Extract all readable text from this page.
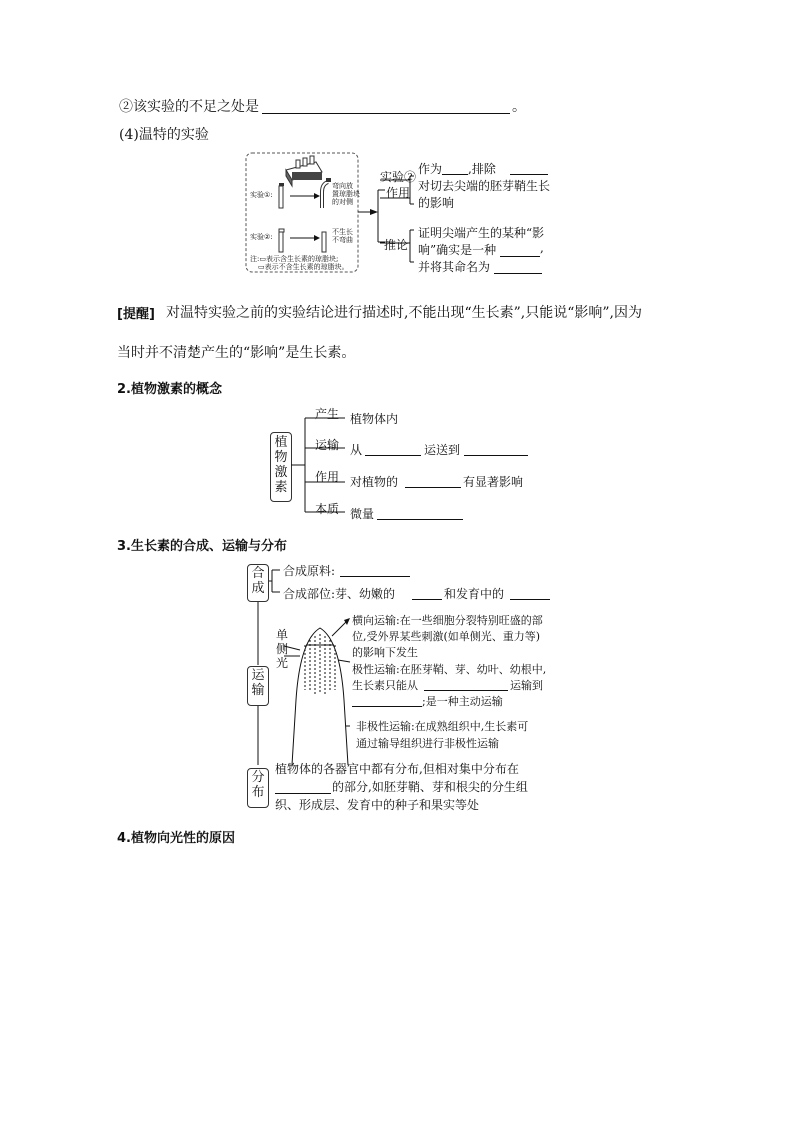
②该实验的不足之处是	。
(4)温特的实验
实验①:
实验②:
弯向放
置琼脂块
的对侧
不生长
不弯曲
注:▭表示含生长素的琼脂块;
▭表示不含生长素的琼脂块。
实验②
作用
作为 ,排除
对切去尖端的胚芽鞘生长
的影响
推论
证明尖端产生的某种“影
响”确实是一种	,
并将其命名为
[提醒] 对温特实验之前的实验结论进行描述时,不能出现“生长素”,只能说“影响”,因为
当时并不清楚产生的“影响”是生长素。
2.植物激素的概念
植物激素
产生 植物体内
运输 从	运送到
作用 对植物的	有显著影响
本质 微量
3.生长素的合成、运输与分布
合成
运输
分布
合成原料:
合成部位:芽、幼嫩的	和发育中的
单侧光
横向运输:在一些细胞分裂特别旺盛的部
位,受外界某些刺激(如单侧光、重力等)
的影响下发生
极性运输:在胚芽鞘、芽、幼叶、幼根中,
生长素只能从	运输到
;是一种主动运输
非极性运输:在成熟组织中,生长素可
通过输导组织进行非极性运输
植物体的各器官中都有分布,但相对集中分布在
的部分,如胚芽鞘、芽和根尖的分生组
织、形成层、发育中的种子和果实等处
4.植物向光性的原因
